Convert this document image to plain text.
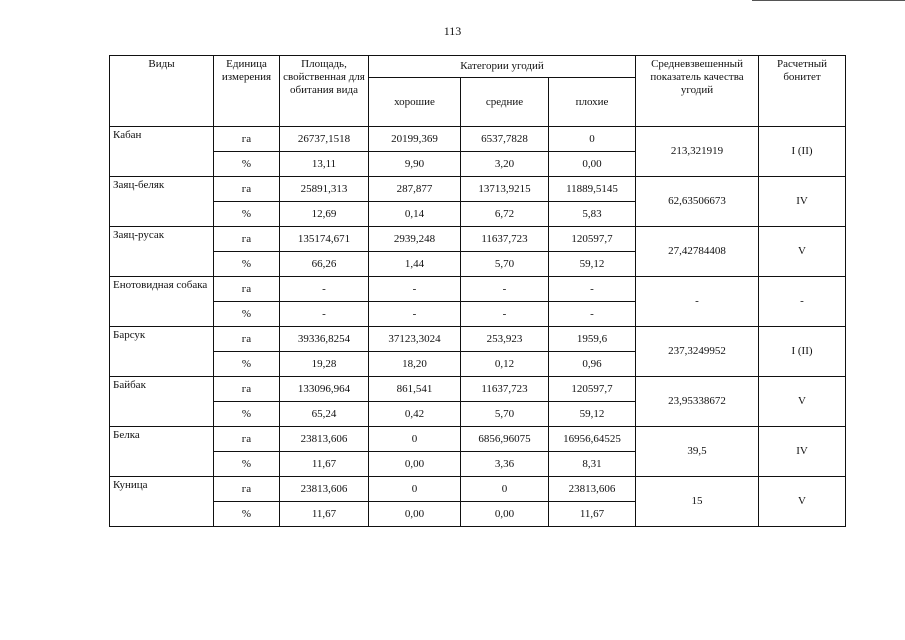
113
Виды	Единица измерения	Площадь, свойственная для обитания вида	Категории угодий			Средневзвешенный показатель качества угодий	Расчетный бонитет
			хорошие	средние	плохие		
Кабан	га	26737,1518	20199,369	6537,7828	0	213,321919	I (II)
	%	13,11	9,90	3,20	0,00		
Заяц-беляк	га	25891,313	287,877	13713,9215	11889,5145	62,63506673	IV
	%	12,69	0,14	6,72	5,83		
Заяц-русак	га	135174,671	2939,248	11637,723	120597,7	27,42784408	V
	%	66,26	1,44	5,70	59,12		
Енотовидная собака	га	-	-	-	-	-	-
	%	-	-	-	-		
Барсук	га	39336,8254	37123,3024	253,923	1959,6	237,3249952	I (II)
	%	19,28	18,20	0,12	0,96		
Байбак	га	133096,964	861,541	11637,723	120597,7	23,95338672	V
	%	65,24	0,42	5,70	59,12		
Белка	га	23813,606	0	6856,96075	16956,64525	39,5	IV
	%	11,67	0,00	3,36	8,31		
Куница	га	23813,606	0	0	23813,606	15	V
	%	11,67	0,00	0,00	11,67		
